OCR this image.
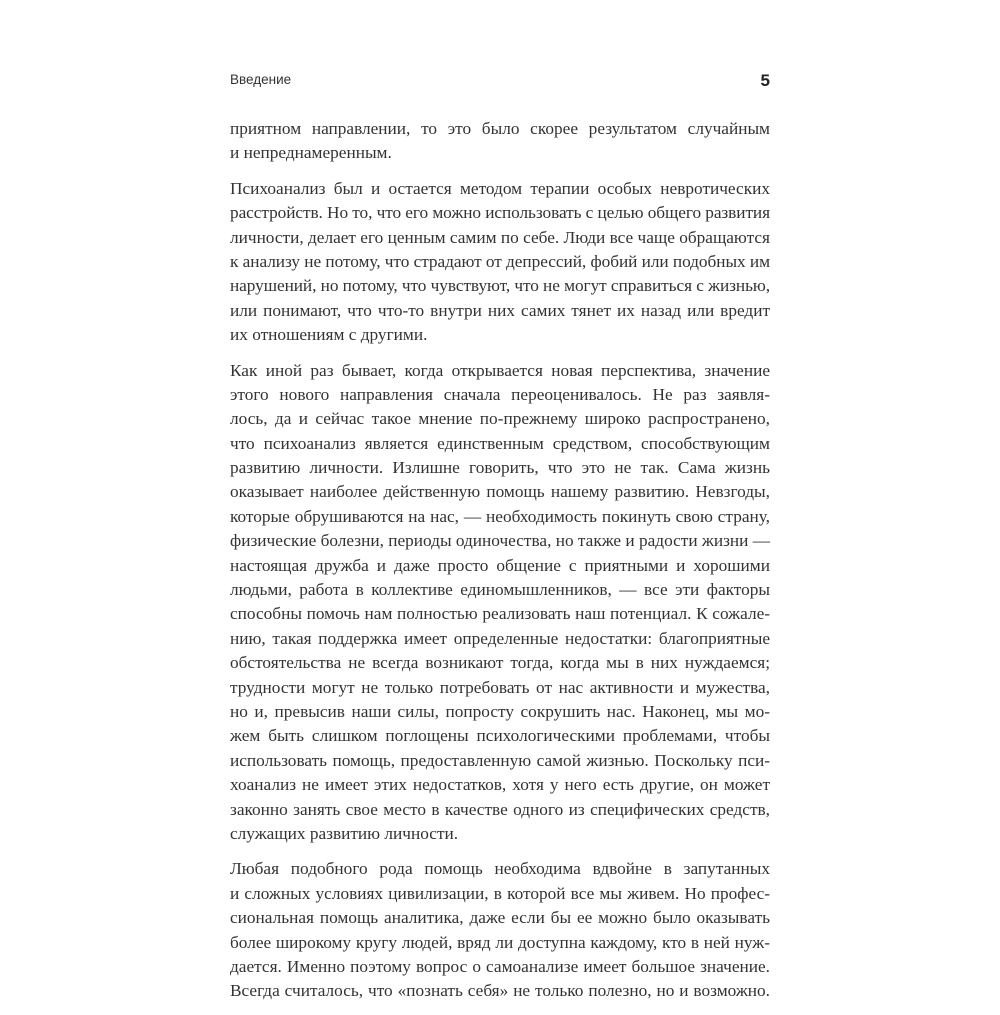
Введение	5

приятном направлении, то это было скорее результатом случайным
и непреднамеренным.

Психоанализ был и остается методом терапии особых невротических
расстройств. Но то, что его можно использовать с целью общего развития
личности, делает его ценным самим по себе. Люди все чаще обращаются
к анализу не потому, что страдают от депрессий, фобий или подобных им
нарушений, но потому, что чувствуют, что не могут справиться с жизнью,
или понимают, что что-то внутри них самих тянет их назад или вредит
их отношениям с другими.

Как иной раз бывает, когда открывается новая перспектива, значение
этого нового направления сначала переоценивалось. Не раз заявля-
лось, да и сейчас такое мнение по-прежнему широко распространено,
что психоанализ является единственным средством, способствующим
развитию личности. Излишне говорить, что это не так. Сама жизнь
оказывает наиболее действенную помощь нашему развитию. Невзгоды,
которые обрушиваются на нас, — необходимость покинуть свою страну,
физические болезни, периоды одиночества, но также и радости жизни —
настоящая дружба и даже просто общение с приятными и хорошими
людьми, работа в коллективе единомышленников, — все эти факторы
способны помочь нам полностью реализовать наш потенциал. К сожале-
нию, такая поддержка имеет определенные недостатки: благоприятные
обстоятельства не всегда возникают тогда, когда мы в них нуждаемся;
трудности могут не только потребовать от нас активности и мужества,
но и, превысив наши силы, попросту сокрушить нас. Наконец, мы мо-
жем быть слишком поглощены психологическими проблемами, чтобы
использовать помощь, предоставленную самой жизнью. Поскольку пси-
хоанализ не имеет этих недостатков, хотя у него есть другие, он может
законно занять свое место в качестве одного из специфических средств,
служащих развитию личности.

Любая подобного рода помощь необходима вдвойне в запутанных
и сложных условиях цивилизации, в которой все мы живем. Но профес-
сиональная помощь аналитика, даже если бы ее можно было оказывать
более широкому кругу людей, вряд ли доступна каждому, кто в ней нуж-
дается. Именно поэтому вопрос о самоанализе имеет большое значение.
Всегда считалось, что «познать себя» не только полезно, но и возможно.
